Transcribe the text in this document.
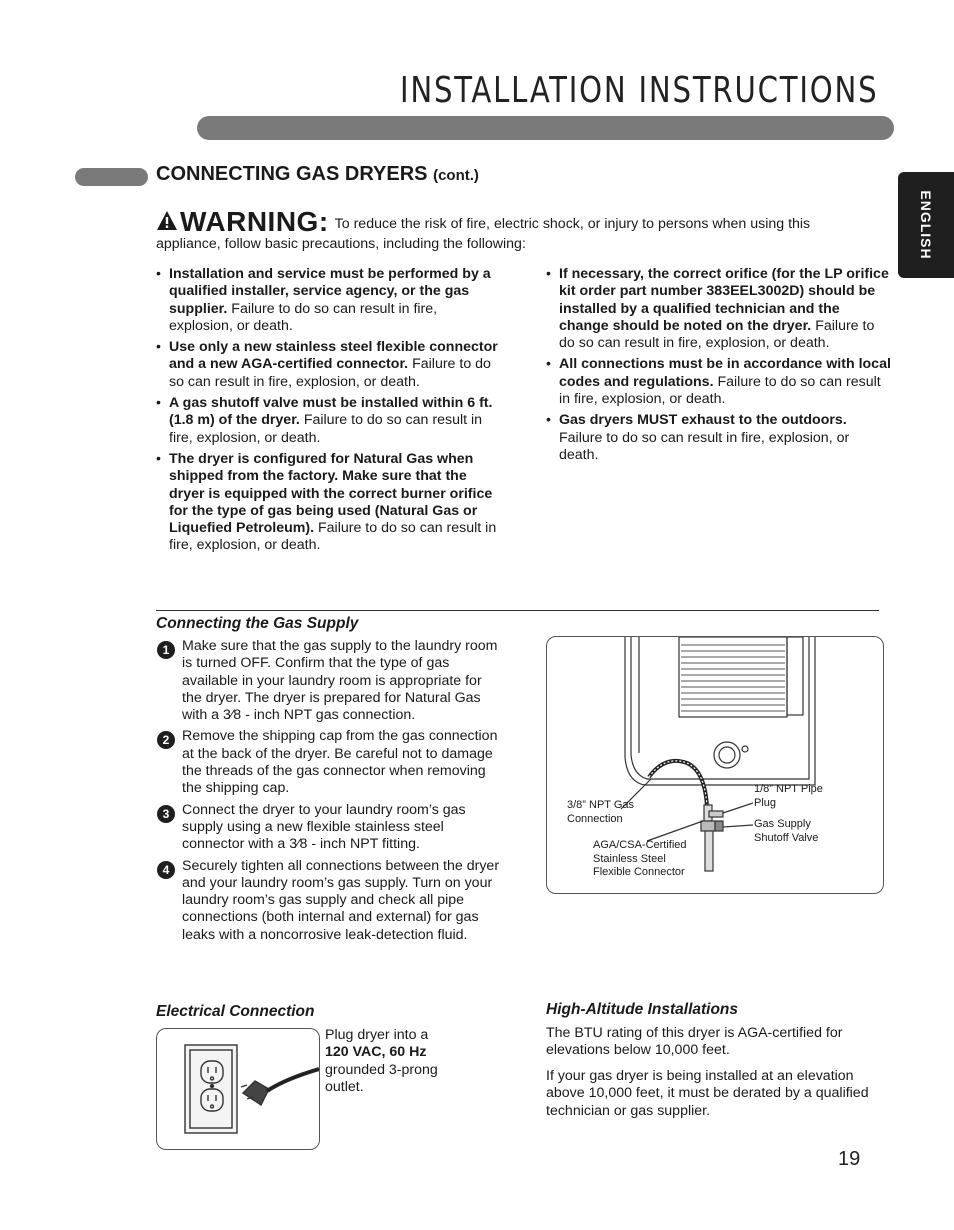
INSTALLATION INSTRUCTIONS
ENGLISH
CONNECTING GAS DRYERS (cont.)
WARNING: To reduce the risk of fire, electric shock, or injury to persons when using this appliance, follow basic precautions, including the following:
• Installation and service must be performed by a qualified installer, service agency, or the gas supplier. Failure to do so can result in fire, explosion, or death.
• Use only a new stainless steel flexible connector and a new AGA-certified connector. Failure to do so can result in fire, explosion, or death.
• A gas shutoff valve must be installed within 6 ft. (1.8 m) of the dryer. Failure to do so can result in fire, explosion, or death.
• The dryer is configured for Natural Gas when shipped from the factory. Make sure that the dryer is equipped with the correct burner orifice for the type of gas being used (Natural Gas or Liquefied Petroleum). Failure to do so can result in fire, explosion, or death.
• If necessary, the correct orifice (for the LP orifice kit order part number 383EEL3002D) should be installed by a qualified technician and the change should be noted on the dryer. Failure to do so can result in fire, explosion, or death.
• All connections must be in accordance with local codes and regulations. Failure to do so can result in fire, explosion, or death.
• Gas dryers MUST exhaust to the outdoors. Failure to do so can result in fire, explosion, or death.
Connecting the Gas Supply
1 Make sure that the gas supply to the laundry room is turned OFF. Confirm that the type of gas available in your laundry room is appropriate for the dryer. The dryer is prepared for Natural Gas with a 3⁄8 - inch NPT gas connection.
2 Remove the shipping cap from the gas connection at the back of the dryer. Be careful not to damage the threads of the gas connector when removing the shipping cap.
3 Connect the dryer to your laundry room’s gas supply using a new flexible stainless steel connector with a 3⁄8 - inch NPT fitting.
4 Securely tighten all connections between the dryer and your laundry room’s gas supply. Turn on your laundry room’s gas supply and check all pipe connections (both internal and external) for gas leaks with a noncorrosive leak-detection fluid.
3/8” NPT Gas
Connection
1/8” NPT Pipe
Plug
Gas Supply
Shutoff Valve
AGA/CSA-Certified
Stainless Steel
Flexible Connector
Electrical Connection
Plug dryer into a
120 VAC, 60 Hz
grounded 3-prong outlet.
High-Altitude Installations
The BTU rating of this dryer is AGA-certified for elevations below 10,000 feet.
If your gas dryer is being installed at an elevation above 10,000 feet, it must be derated by a qualified technician or gas supplier.
19
